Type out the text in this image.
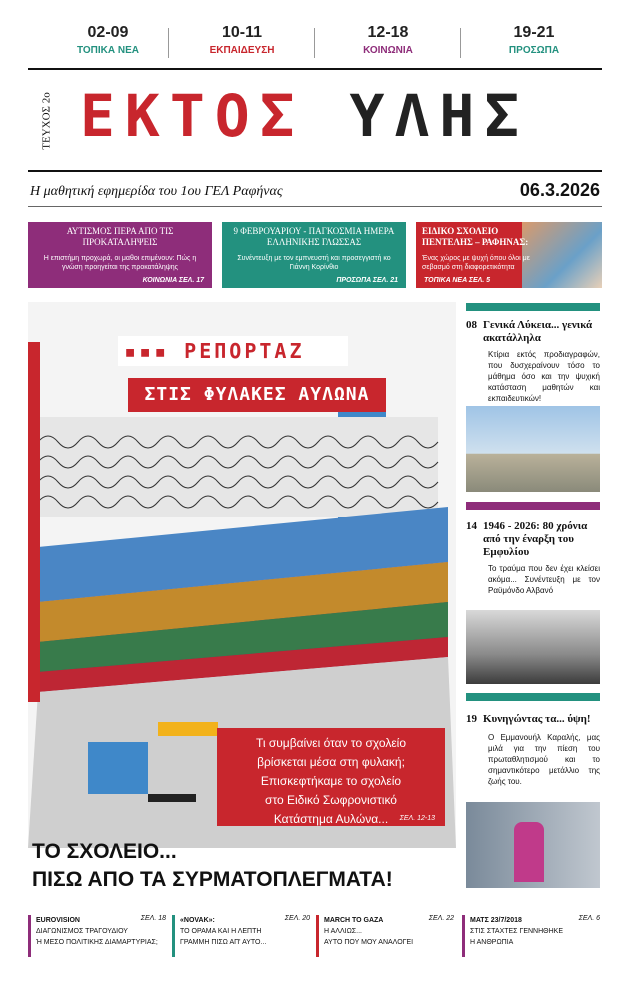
02-09
ΤΟΠΙΚΑ ΝΕΑ
10-11
ΕΚΠΑΙΔΕΥΣΗ
12-18
ΚΟΙΝΩΝΙΑ
19-21
ΠΡΟΣΩΠΑ
ΤΕΥΧΟΣ 2ο ΕΚΤΟΣ ΥΛΗΣ
Η μαθητική εφημερίδα του 1ου ΓΕΛ Ραφήνας	06.3.2026
ΑΥΤΙΣΜΟΣ ΠΕΡΑ ΑΠΟ ΤΙΣ ΠΡΟΚΑΤΑΛΗΨΕΙΣ
Η επιστήμη προχωρά, οι μαθοι επιμένουν: Πώς η γνώση προηγείται της προκατάληψης
ΚΟΙΝΩΝΙΑ ΣΕΛ. 17
9 ΦΕΒΡΟΥΑΡΙΟΥ - ΠΑΓΚΟΣΜΙΑ ΗΜΕΡΑ ΕΛΛΗΝΙΚΗΣ ΓΛΩΣΣΑΣ
Συνέντευξη με τον εμπνευστή και προσεγγιστή κο Γιάννη Κορίνθιο
ΠΡΟΣΩΠΑ ΣΕΛ. 21
ΕΙΔΙΚΟ ΣΧΟΛΕΙΟ ΠΕΝΤΕΛΗΣ – ΡΑΦΗΝΑΣ:
Ένας χώρος με ψυχή όπου όλοι με σεβασμό στη διαφορετικότητα
ΤΟΠΙΚΑ ΝΕΑ ΣΕΛ. 5
▪▪▪ ΡΕΠΟΡΤΑΖ
ΣΤΙΣ ΦΥΛΑΚΕΣ ΑΥΛΩΝΑ
Τι συμβαίνει όταν το σχολείο
βρίσκεται μέσα στη φυλακή;
Επισκεφτήκαμε το σχολείο
στο Ειδικό Σωφρονιστικό
Κατάστημα Αυλώνα...	ΣΕΛ. 12-13
ΤΟ ΣΧΟΛΕΙΟ...
ΠΙΣΩ ΑΠΟ ΤΑ ΣΥΡΜΑΤΟΠΛΕΓΜΑΤΑ!
08 Γενικά Λύκεια... γενικά ακατάλληλα
Κτίρια εκτός προδιαγραφών, που δυσχεραίνουν τόσο το μάθημα όσο και την ψυχική κατάσταση μαθητών και εκπαιδευτικών!
14 1946 - 2026: 80 χρόνια από την έναρξη του Εμφυλίου
Το τραύμα που δεν έχει κλείσει ακόμα... Συνέντευξη με τον Ραϋμόνδο Αλβανό
19 Κυνηγώντας τα... ύψη!
Ο Εμμανουήλ Καραλής, μας μιλά για την πίεση του πρωταθλητισμού και το σημαντικότερο μετάλλιο της ζωής του.
ΣΕΛ. 18
EUROVISION
ΔΙΑΓΩΝΙΣΜΟΣ ΤΡΑΓΟΥΔΙΟΥ
Ή ΜΕΣΟ ΠΟΛΙΤΙΚΗΣ ΔΙΑΜΑΡΤΥΡΙΑΣ;
ΣΕΛ. 20
«NOVAK»:
ΤΟ ΟΡΑΜΑ ΚΑΙ Η ΛΕΠΤΗ
ΓΡΑΜΜΗ ΠΙΣΩ ΑΠ' ΑΥΤΟ...
ΣΕΛ. 22
MARCH TO GAZA
Η ΑΛΛΙΩΣ...
ΑΥΤΟ ΠΟΥ ΜΟΥ ΑΝΑΛΟΓΕΙ
ΣΕΛ. 6
ΜΑΤΣ 23/7/2018
ΣΤΙΣ ΣΤΑΧΤΕΣ ΓΕΝΝΗΘΗΚΕ
Η ΑΝΘΡΩΠΙΑ
